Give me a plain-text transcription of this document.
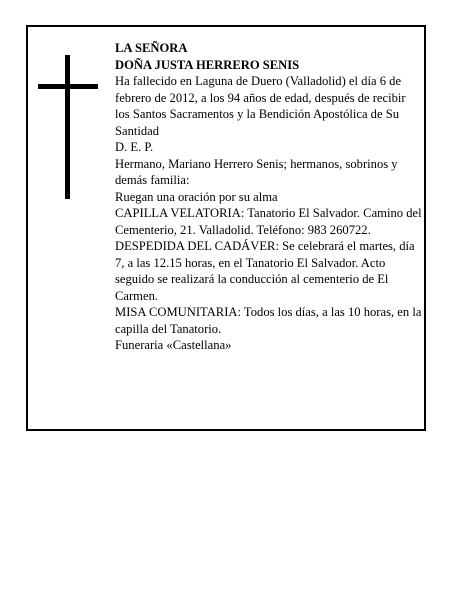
LA SEÑORA

DOÑA JUSTA HERRERO SENIS

Ha fallecido en Laguna de Duero (Valladolid) el día 6 de febrero de 2012, a los 94 años de edad, después de recibir los Santos Sacramentos y la Bendición Apostólica de Su Santidad

D. E. P.

Hermano, Mariano Herrero Senis; hermanos, sobrinos y demás familia:

Ruegan una oración por su alma

CAPILLA VELATORIA: Tanatorio El Salvador. Camino del Cementerio, 21. Valladolid. Teléfono: 983 260722.

DESPEDIDA DEL CADÁVER: Se celebrará el martes, día 7, a las 12.15 horas, en el Tanatorio El Salvador. Acto seguido se realizará la conducción al cementerio de El Carmen.

MISA COMUNITARIA: Todos los días, a las 10 horas, en la capilla del Tanatorio.

Funeraria «Castellana»
